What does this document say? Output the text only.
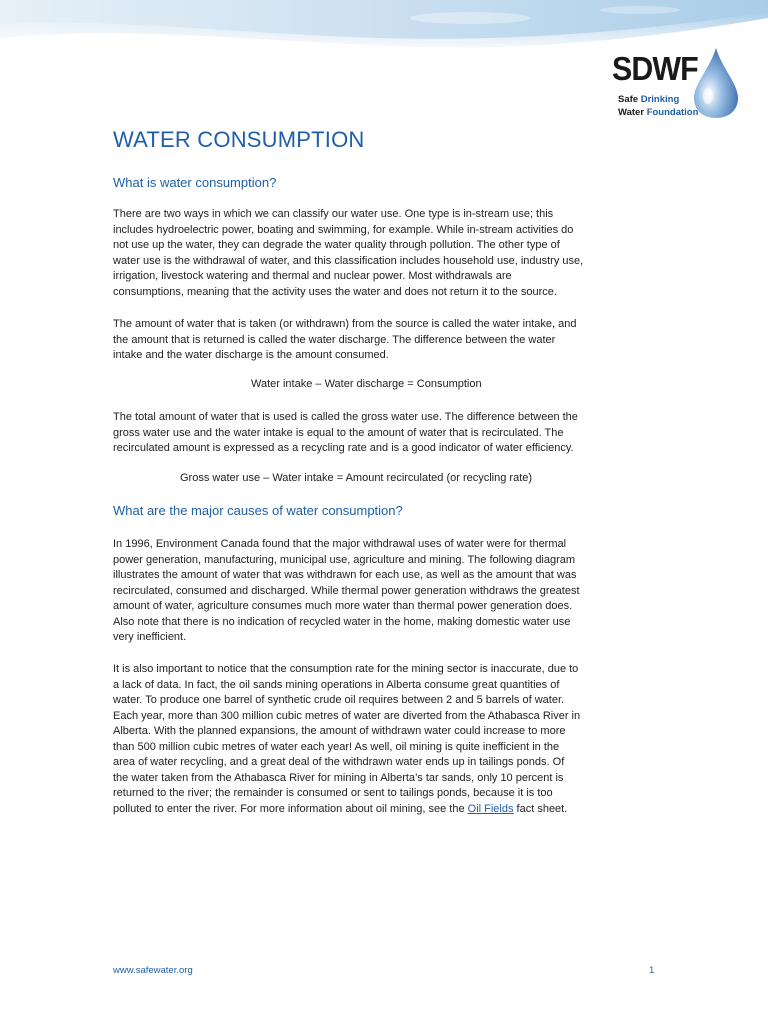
SDWF
Safe Drinking
Water Foundation
WATER CONSUMPTION
What is water consumption?
There are two ways in which we can classify our water use. One type is in-stream use; this
includes hydroelectric power, boating and swimming, for example. While in-stream activities do
not use up the water, they can degrade the water quality through pollution. The other type of
water use is the withdrawal of water, and this classification includes household use, industry use,
irrigation, livestock watering and thermal and nuclear power. Most withdrawals are
consumptions, meaning that the activity uses the water and does not return it to the source.
The amount of water that is taken (or withdrawn) from the source is called the water intake, and
the amount that is returned is called the water discharge. The difference between the water
intake and the water discharge is the amount consumed.
Water intake – Water discharge = Consumption
The total amount of water that is used is called the gross water use. The difference between the
gross water use and the water intake is equal to the amount of water that is recirculated. The
recirculated amount is expressed as a recycling rate and is a good indicator of water efficiency.
Gross water use – Water intake = Amount recirculated (or recycling rate)
What are the major causes of water consumption?
In 1996, Environment Canada found that the major withdrawal uses of water were for thermal
power generation, manufacturing, municipal use, agriculture and mining. The following diagram
illustrates the amount of water that was withdrawn for each use, as well as the amount that was
recirculated, consumed and discharged. While thermal power generation withdraws the greatest
amount of water, agriculture consumes much more water than thermal power generation does.
Also note that there is no indication of recycled water in the home, making domestic water use
very inefficient.
It is also important to notice that the consumption rate for the mining sector is inaccurate, due to
a lack of data. In fact, the oil sands mining operations in Alberta consume great quantities of
water. To produce one barrel of synthetic crude oil requires between 2 and 5 barrels of water.
Each year, more than 300 million cubic metres of water are diverted from the Athabasca River in
Alberta. With the planned expansions, the amount of withdrawn water could increase to more
than 500 million cubic metres of water each year! As well, oil mining is quite inefficient in the
area of water recycling, and a great deal of the withdrawn water ends up in tailings ponds. Of
the water taken from the Athabasca River for mining in Alberta’s tar sands, only 10 percent is
returned to the river; the remainder is consumed or sent to tailings ponds, because it is too
polluted to enter the river. For more information about oil mining, see the Oil Fields fact sheet.
www.safewater.org	1
